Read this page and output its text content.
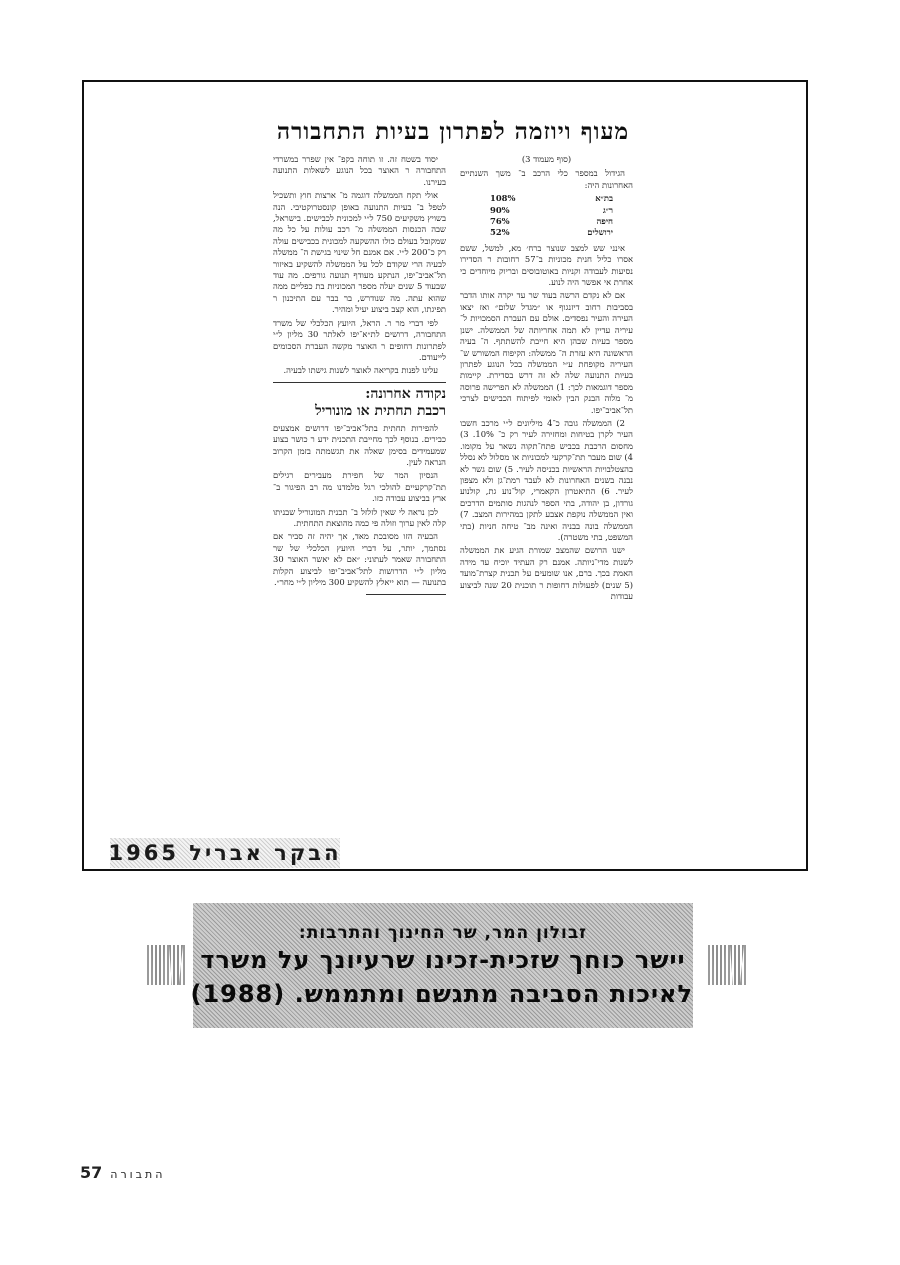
מעוף ויוזמה לפתרון בעיות התחבורה
(סוף מעמוד 3)

הגידול במספר כלי הרכב ב־ משך השנתיים האחרונות היה:

בת״א
108%
ר״ג
90%
חיפה
76%
ירושלים
52%

אינני שש למצב שנוצר ברח׳ מא, למשל, ששם אסרו כליל חנית מכוניות ב־57 רחובות ר הסדירו נסיעות לעבודה וקניות באוטובוסים ובריוק מיוחדים כי אחרת אי אפשר היה לנוע.

אם לא נקדם הרשה בעוד שר עד יקרה אותו הדבר בסביבות רחוב דיזנגוף או ״מגדל שלום״ ואז יצאו העירה והעיר נפסדים. אולם עם העברת הסמכויות ל־ עיריה עדיין לא תמה אחריותה של הממשלה. ישנן מספר בעיות שבהן היא חייבת להשתתף. ה־ בעיה הראשונה היא עזרת ה־ ממשלה: הקיפוח המשורש ש־ העיריה מקופחת ע״י הממשלה בכל הנוגע לפתרון בעיות התנועה שלה לא זה דרש בסדירת. קיימות מספר דוגמאות לכך: 1) הממשלה לא הפרישה פרוסה מ־ מלוה הבנק הבין לאומי לפיתוח הכבישים לצרכי תל־אביב־יפו.

2) הממשלה גובה כ־4 מיליונים ל״י מרכב חשבו העיר לקרן בטיחות ומחזירה לעיר רק כ־ 10%. 3) מחסום הרכבת בכביש פתח־תקוה נשאר על מקומו. 4) שום מעבר תת־קרקעי למכוניות או מסלול לא נסלל בהצטלבויות הראשיות בכניסה לעיר. 5) שום גשר לא נבנה בשנים האחרונות לא לעבר רמת־גן ולא מצפון לעיר. 6) התיאטרון הקאמרי, קול־נוע גת, קולנוע גורדון, בן יהודה, בתי הספר לנהגות סותמים הדרכים ואין הממשלה נוקפת אצבע לתקן במהירות המצב. 7) הממשלה בונה בבניה ואינה מב־ טיחה חניות (בתי המשפט, בתי משטרה).

ישנו הרושם שהמצב שמורת הגיע את הממשלה לשנות מדי־ניותה. אמנם רק העתיד יוכיח עד מידה האמת בכך. ברם, אנו שומעים על תכנית קצרת־מועד (5 שנים) לפעולות דחופות ר תוכנית 20 שנה לביצוע עבודות

יסוד בשטח זה. זו תוחה בקפ־ אין שפרר במשרדי התחבורה ר האוצר בכל הנוגע לשאלות התנועה בעירנו.

אולי תקח הממשלה דוגמה מ־ ארצות חוץ ותשכיל לטפל ב־ בעיות התנועה באופן קונסטרוקטיבי. הנה בשויץ משקיעים 750 ל״י למכונית לכבישים. בישראל, שבה הכנסות הממשלה מ־ רכב עולות על כל מה שמקובל בעולם כולו ההשקעה למכונית בכבישים עולה רק כ־200 ל״י. אם אמנם חל שינוי בגישת ה־ ממשלה לבעיה הרי שקודם לכל על הממשלה להשקיע באיזור תל־אביב־יפו, הנתקע מעודף תנועה גורפים. מה עוד שבעוד 5 שנים יעלה מספר המכוניות בת כפליים ממה שהוא עתה. מה שנודרש, בר בבר עם התיכנון ר תפיגתו, הוא קצב ביצוע יעיל ומהיר.

לפי דברי מר ר. הראל, היועץ הכלכלי של משרד התחבורה, דרושים לת״א־יפו לאלתר 30 מליון ל״י לפתרונות דחופים ר האוצר מקשה העברת הסכומים לייעודם.

עלינו לפנות בקריאה לאוצר לשנות גישתו לבעיה.

נקודה אחרונה:
רכבת תחתית או מונוריל

להפירות תחתית בתל־אביב־יפו דרושים אמצעים כבירים. בנוסף לכך מחייבת התכנית ידע ר כושר בצוע שמעמידים בסימן שאלה את תגשמתה בזמן הקרוב הנראה לעין.

הנסיון המר של חפירת מעבירים רגילים תת־קרקעיים להולכי רגל מלמדנו מה רב הפיגור ב־ ארץ בביצוע עבודה כזו.

לכן נראה לי שאין לזלזל ב־ תכנית המונוריל שבניתו קלה לאין ערוך וזולה פי כמה מהוצאת התחתית.

הבעיה הזו מסובכת מאד, אך יהיה זה סביר אם נסתמך, יותר, על דברי היועץ הכלכלי של שר התחבורה שאמר לעתוני: ״אם לא יאשר האוצר 30 מליון ל״י הדרושות לתל־אביב־יפו לביצוע הקלות בתנועה — תוא ייאלץ להשקיע 300 מיליון ל״י מחר״.

הבקר אבריל 1965
זבולון המר, שר החינוך והתרבות:
יישר כוחך שזכית-זכינו שרעיונך על משרד
לאיכות הסביבה מתגשם ומתממש. (1988)
57 התבורה
